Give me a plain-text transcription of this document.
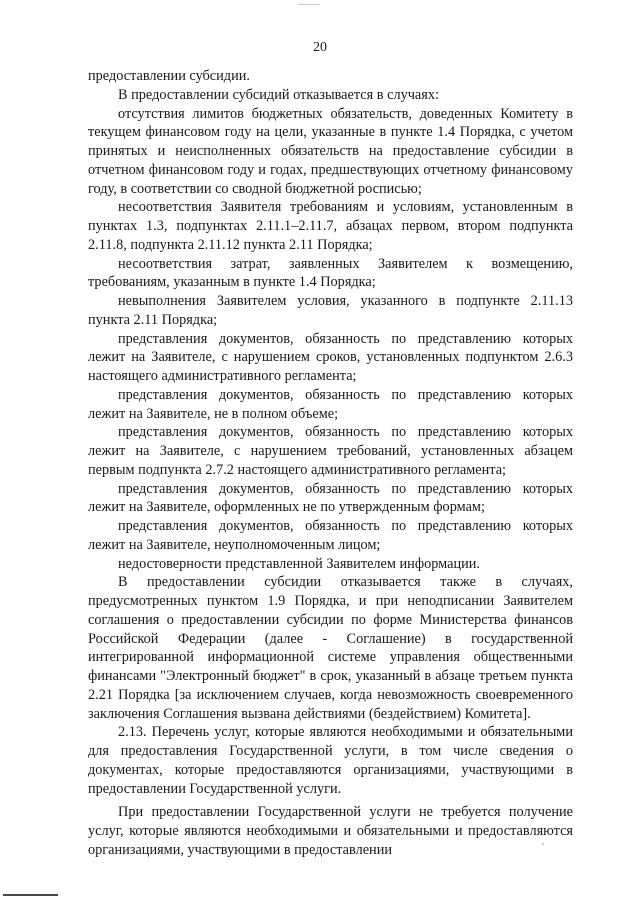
20

предоставлении субсидии.

В предоставлении субсидий отказывается в случаях:

отсутствия лимитов бюджетных обязательств, доведенных Комитету в текущем финансовом году на цели, указанные в пункте 1.4 Порядка, с учетом принятых и неисполненных обязательств на предоставление субсидии в отчетном финансовом году и годах, предшествующих отчетному финансовому году, в соответствии со сводной бюджетной росписью;

несоответствия Заявителя требованиям и условиям, установленным в пунктах 1.3, подпунктах 2.11.1–2.11.7, абзацах первом, втором подпункта 2.11.8, подпункта 2.11.12 пункта 2.11 Порядка;

несоответствия затрат, заявленных Заявителем к возмещению, требованиям, указанным в пункте 1.4 Порядка;

невыполнения Заявителем условия, указанного в подпункте 2.11.13 пункта 2.11 Порядка;

представления документов, обязанность по представлению которых лежит на Заявителе, с нарушением сроков, установленных подпунктом 2.6.3 настоящего административного регламента;

представления документов, обязанность по представлению которых лежит на Заявителе, не в полном объеме;

представления документов, обязанность по представлению которых лежит на Заявителе, с нарушением требований, установленных абзацем первым подпункта 2.7.2 настоящего административного регламента;

представления документов, обязанность по представлению которых лежит на Заявителе, оформленных не по утвержденным формам;

представления документов, обязанность по представлению которых лежит на Заявителе, неуполномоченным лицом;

недостоверности представленной Заявителем информации.

В предоставлении субсидии отказывается также в случаях, предусмотренных пунктом 1.9 Порядка, и при неподписании Заявителем соглашения о предоставлении субсидии по форме Министерства финансов Российской Федерации (далее - Соглашение) в государственной интегрированной информационной системе управления общественными финансами "Электронный бюджет" в срок, указанный в абзаце третьем пункта 2.21 Порядка [за исключением случаев, когда невозможность своевременного заключения Соглашения вызвана действиями (бездействием) Комитета].

2.13. Перечень услуг, которые являются необходимыми и обязательными для предоставления Государственной услуги, в том числе сведения о документах, которые предоставляются организациями, участвующими в предоставлении Государственной услуги.

При предоставлении Государственной услуги не требуется получение услуг, которые являются необходимыми и обязательными и предоставляются организациями, участвующими в предоставлении
